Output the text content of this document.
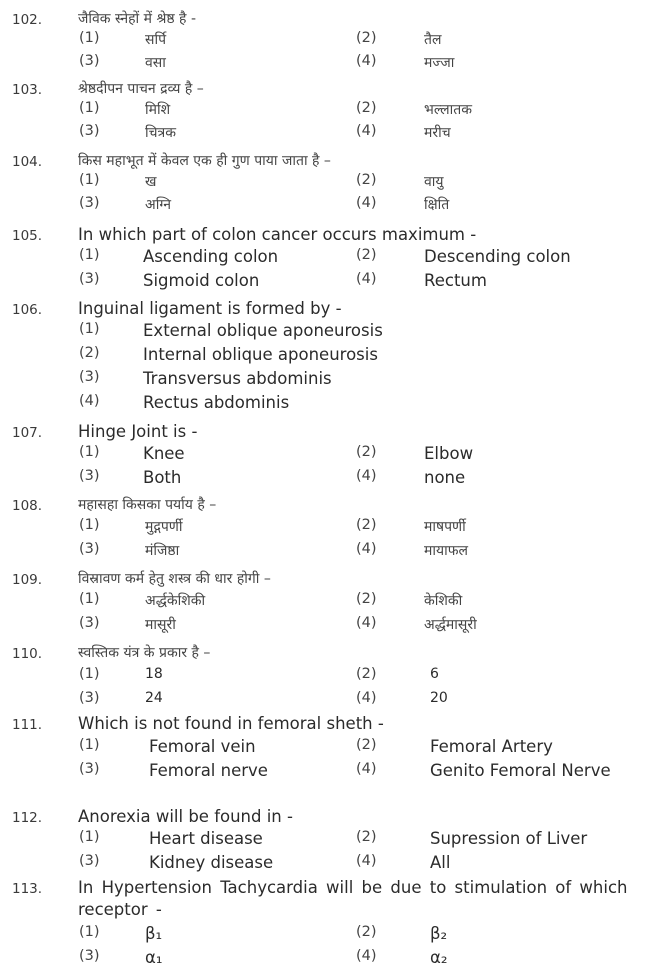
102.	जैविक स्नेहों में श्रेष्ठ है -
(1)	सर्पि	(2)	तैल
(3)	वसा	(4)	मज्जा
103.	श्रेष्ठदीपन पाचन द्रव्य है –
(1)	मिशि	(2)	भल्लातक
(3)	चित्रक	(4)	मरीच
104.	किस महाभूत में केवल एक ही गुण पाया जाता है –
(1)	ख	(2)	वायु
(3)	अग्नि	(4)	क्षिति
105. In which part of colon cancer occurs maximum -
(1)	Ascending colon	(2)	Descending colon
(3)	Sigmoid colon	(4)	Rectum
106. Inguinal ligament is formed by -
(1)	External oblique aponeurosis
(2)	Internal oblique aponeurosis
(3)	Transversus abdominis
(4)	Rectus abdominis
107. Hinge Joint is -
(1)	Knee	(2)	Elbow
(3)	Both	(4)	none
108.	महासहा किसका पर्याय है –
(1)	मुद्गपर्णी	(2)	माषपर्णी
(3)	मंजिष्ठा	(4)	मायाफल
109.	विस्रावण कर्म हेतु शस्त्र की धार होगी –
(1)	अर्द्धकेशिकी	(2)	केशिकी
(3)	मासूरी	(4)	अर्द्धमासूरी
110.	स्वस्तिक यंत्र के प्रकार है –
(1)	18	(2)	6
(3)	24	(4)	20
111. Which is not found in femoral sheth -
(1)	Femoral vein	(2)	Femoral Artery
(3)	Femoral nerve	(4)	Genito Femoral Nerve
112. Anorexia will be found in -
(1)	Heart disease	(2)	Supression of Liver
(3)	Kidney disease	(4)	All
113. In Hypertension Tachycardia will be due to stimulation of which receptor -
(1)	β₁	(2)	β₂
(3)	α₁	(4)	α₂
